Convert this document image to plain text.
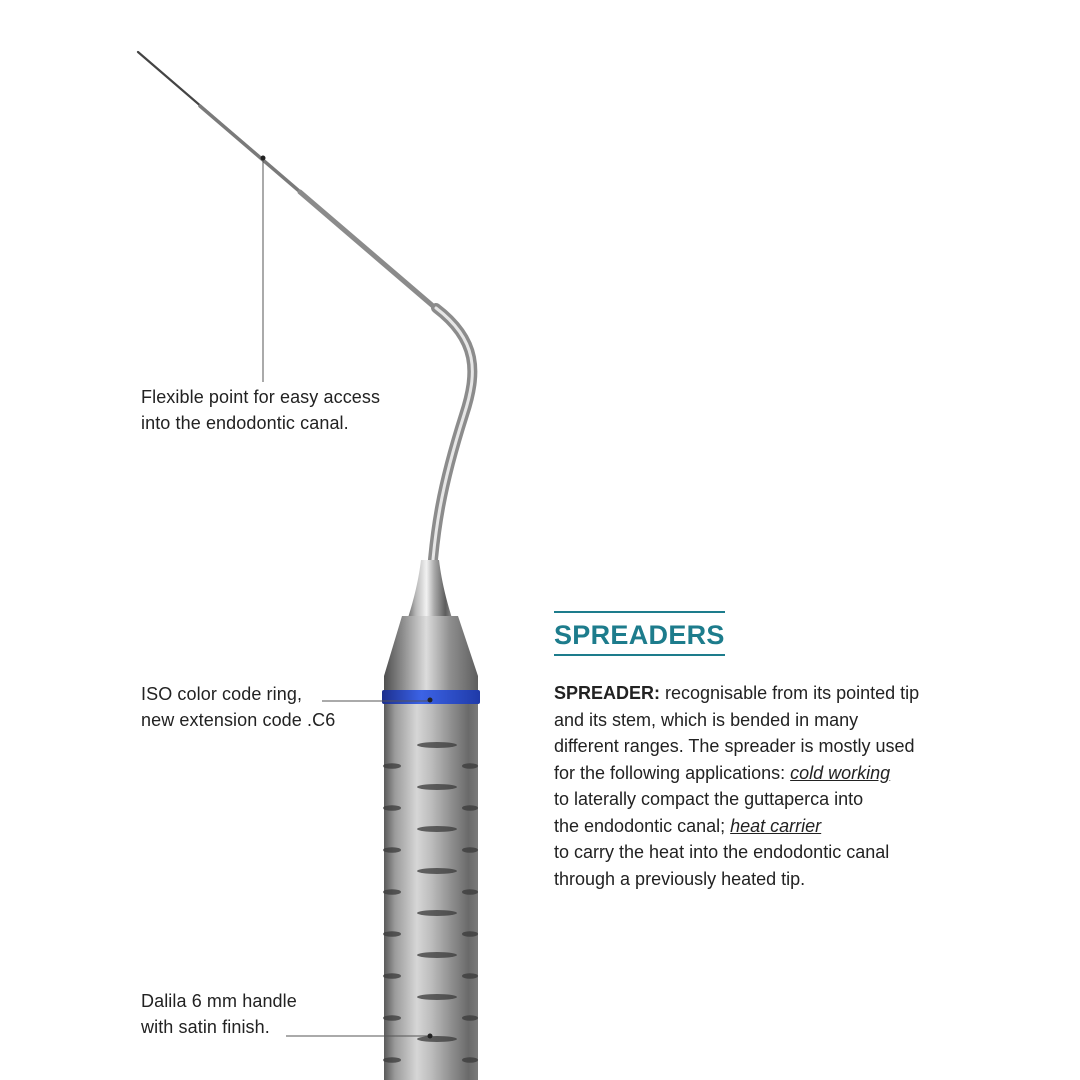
Flexible point for easy access
into the endodontic canal.
ISO color code ring,
new extension code .C6
Dalila 6 mm handle
with satin finish.
SPREADERS
SPREADER: recognisable from its pointed tip
and its stem, which is bended in many
different ranges. The spreader is mostly used
for the following applications: cold working
to laterally compact the guttaperca into
the endodontic canal; heat carrier
to carry the heat into the endodontic canal
through a previously heated tip.
